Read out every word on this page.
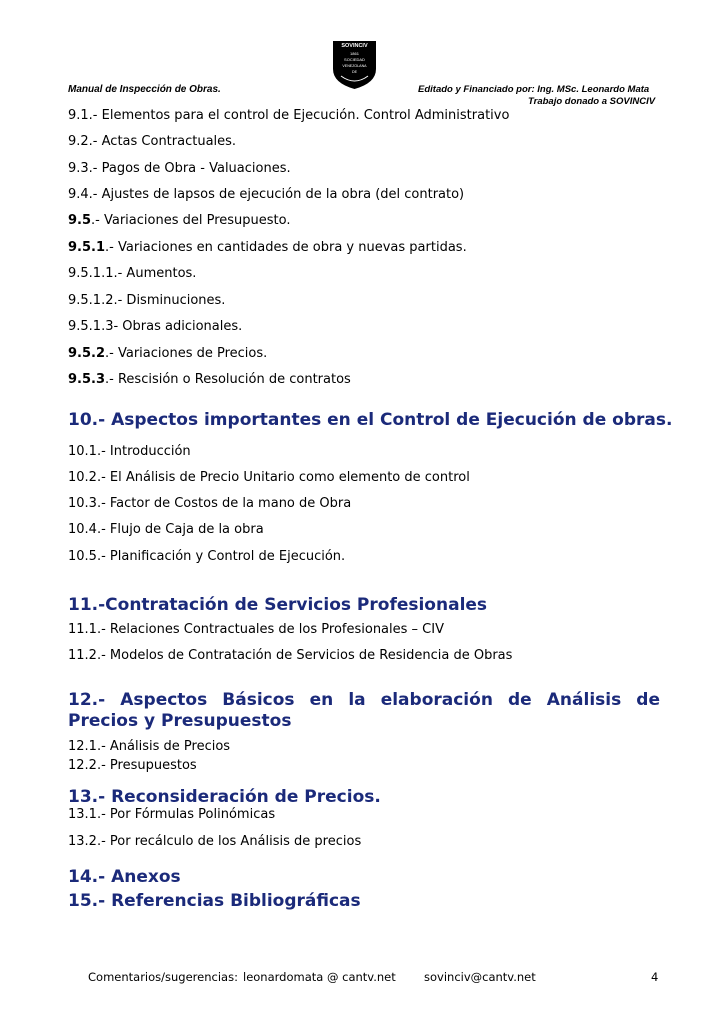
Manual de Inspección de Obras.	Editado y Financiado por: Ing. MSc. Leonardo Mata
Trabajo donado a SOVINCIV
SOVINCIV
1861
SOCIEDAD
VENEZOLANA
DE
9.1.- Elementos para el control de Ejecución. Control Administrativo
9.2.- Actas Contractuales.
9.3.- Pagos de Obra - Valuaciones.
9.4.- Ajustes de lapsos de ejecución de la obra (del contrato)
9.5.- Variaciones del Presupuesto.
9.5.1.- Variaciones en cantidades de obra y nuevas partidas.
9.5.1.1.- Aumentos.
9.5.1.2.- Disminuciones.
9.5.1.3- Obras adicionales.
9.5.2.- Variaciones de Precios.
9.5.3.- Rescisión o Resolución de contratos
10.- Aspectos importantes en el Control de Ejecución de obras.
10.1.- Introducción
10.2.- El Análisis de Precio Unitario como elemento de control
10.3.- Factor de Costos de la mano de Obra
10.4.- Flujo de Caja de la obra
10.5.- Planificación y Control de Ejecución.
11.-Contratación de Servicios Profesionales
11.1.- Relaciones Contractuales de los Profesionales – CIV
11.2.- Modelos de Contratación de Servicios de Residencia de Obras
12.- Aspectos Básicos en la elaboración de Análisis de Precios y Presupuestos
12.1.- Análisis de Precios
12.2.- Presupuestos
13.- Reconsideración de Precios.
13.1.- Por Fórmulas Polinómicas
13.2.- Por recálculo de los Análisis de precios
14.- Anexos
15.- Referencias Bibliográficas
Comentarios/sugerencias: leonardomata @ cantv.net sovinciv@cantv.net	4
